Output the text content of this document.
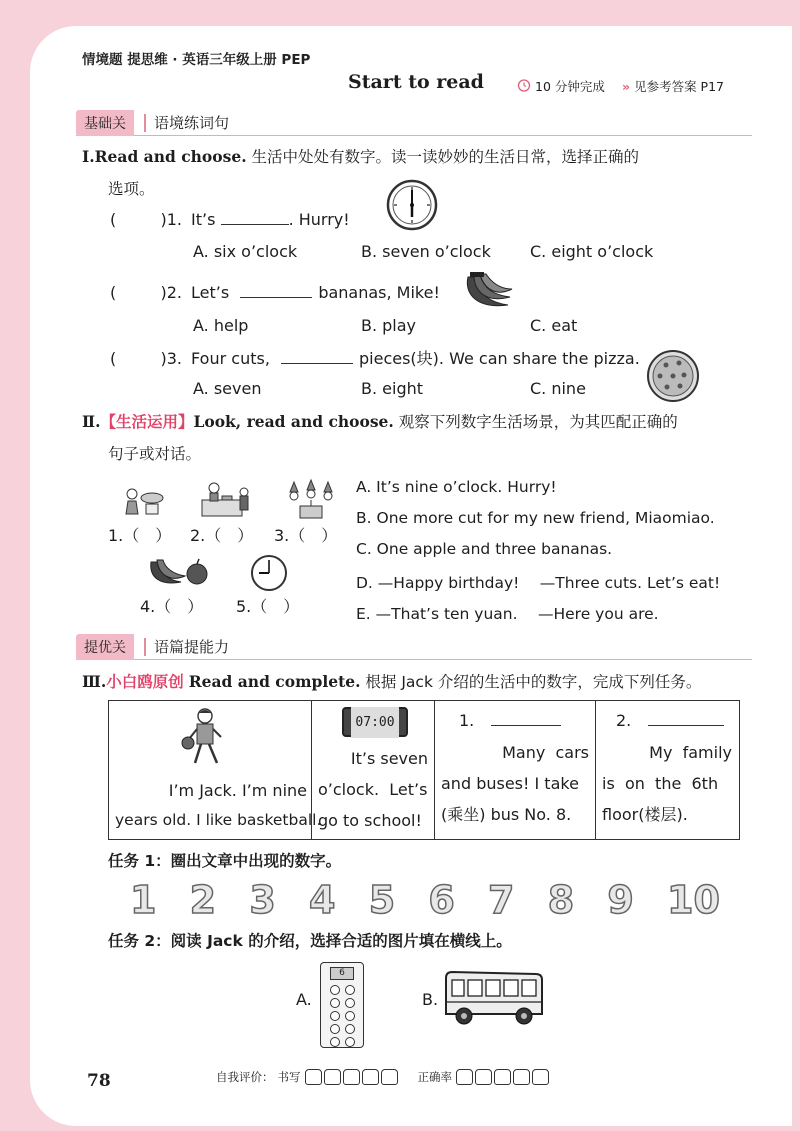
情境题 提思维 · 英语三年级上册 PEP
Start to read	10 分钟完成 » 见参考答案 P17
基础关	语境练词句
Ⅰ.Read and choose. 生活中处处有数字。读一读妙妙的生活日常，选择正确的
选项。
(	)1. It’s	. Hurry!
A. six o’clock	B. seven o’clock C. eight o’clock
(	)2. Let’s	bananas, Mike!
A. help	B. play	C. eat
(	)3. Four cuts,	pieces(块). We can share the pizza.
A. seven	B. eight	C. nine
Ⅱ.【生活运用】Look, read and choose. 观察下列数字生活场景，为其匹配正确的
句子或对话。
1.（　） 2.（　） 3.（　）
4.（　） 5.（　）
A. It’s nine o’clock. Hurry!
B. One more cut for my new friend, Miaomiao.
C. One apple and three bananas.
D. —Happy birthday!　 —Three cuts. Let’s eat!
E. —That’s ten yuan.　 —Here you are.
提优关	语篇提能力
Ⅲ.小白鸥原创 Read and complete. 根据 Jack 介绍的生活中的数字，完成下列任务。
I’m Jack. I’m nine
years old. I like basketball.
07:00
It’s seven
o’clock.  Let’s
go to school!
1.
Many  cars
and buses! I take
(乘坐) bus No. 8.
2.
My  family
is  on  the  6th
floor(楼层).
任务 1：圈出文章中出现的数字。
1 2 3 4 5 6 7 8 9 10
任务 2：阅读 Jack 的介绍，选择合适的图片填在横线上。
A.
6
B.
78	自我评价： 书写	正确率
